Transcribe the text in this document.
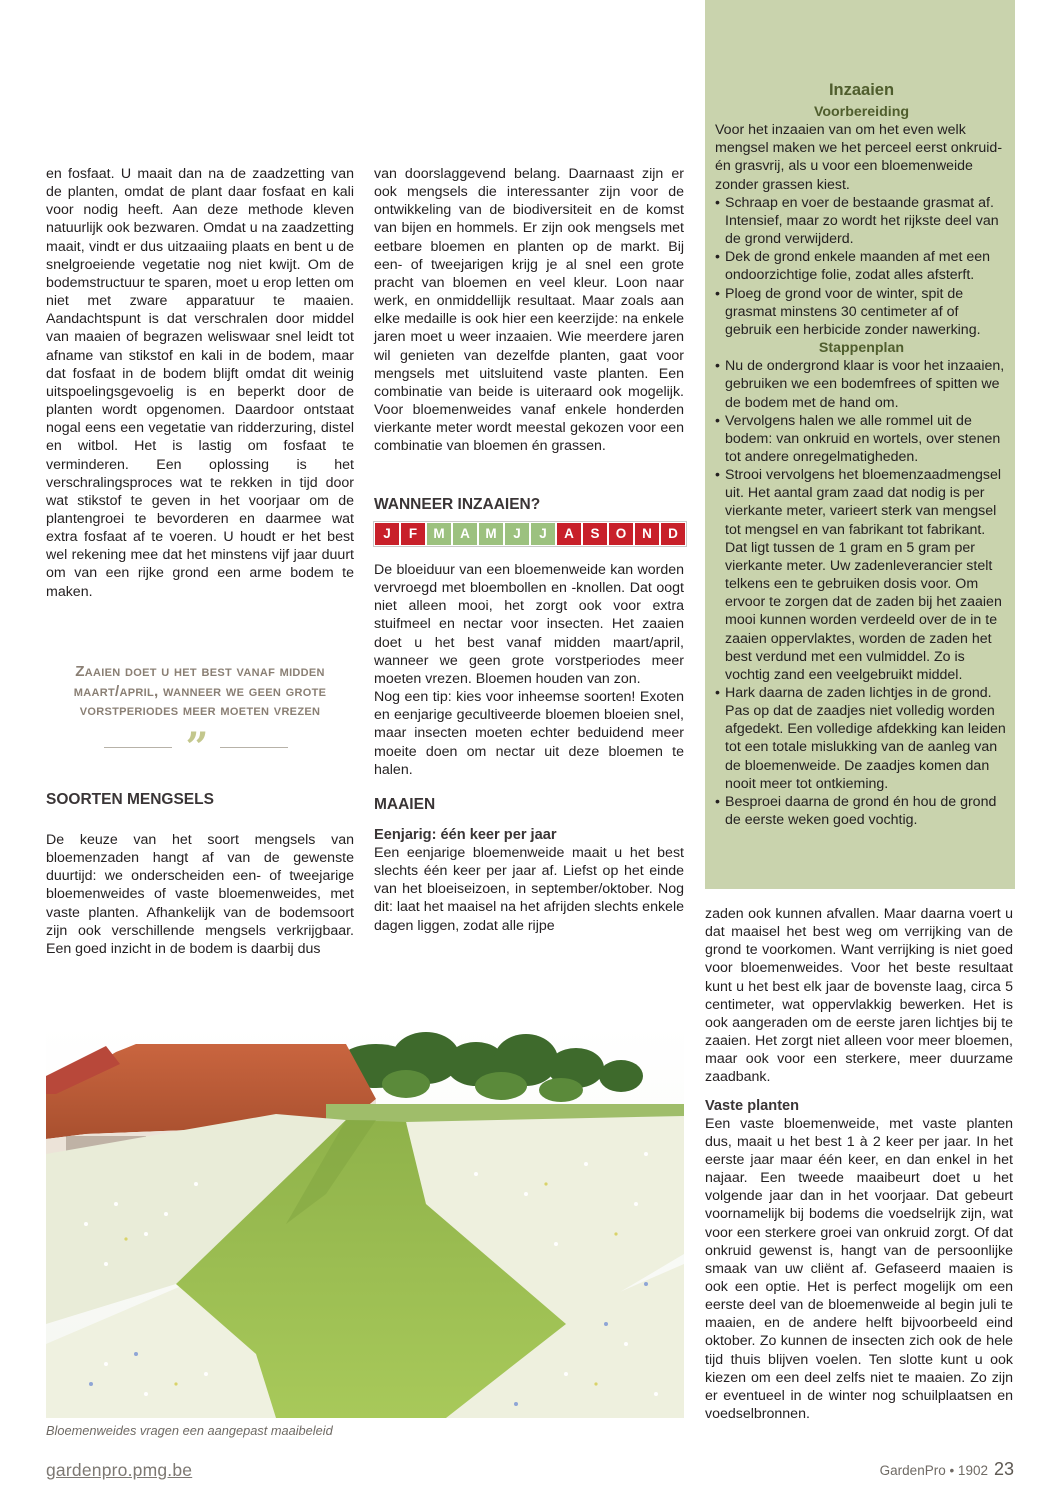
en fosfaat. U maait dan na de zaadzetting van de planten, omdat de plant daar fosfaat en kali voor nodig heeft. Aan deze methode kleven natuurlijk ook bezwaren. Omdat u na zaadzetting maait, vindt er dus uitzaaiing plaats en bent u de snelgroeiende vegetatie nog niet kwijt. Om de bodemstructuur te sparen, moet u erop letten om niet met zware apparatuur te maaien. Aandachtspunt is dat verschralen door middel van maaien of begrazen weliswaar snel leidt tot afname van stikstof en kali in de bodem, maar dat fosfaat in de bodem blijft omdat dit weinig uitspoelingsgevoelig is en beperkt door de planten wordt opgenomen. Daardoor ontstaat nogal eens een vegetatie van ridderzuring, distel en witbol. Het is lastig om fosfaat te verminderen. Een oplossing is het verschralingsproces wat te rekken in tijd door wat stikstof te geven in het voorjaar om de plantengroei te bevorderen en daarmee wat extra fosfaat af te voeren. U houdt er het best wel rekening mee dat het minstens vijf jaar duurt om van een rijke grond een arme bodem te maken.

Zaaien doet u het best vanaf midden maart/april, wanneer we geen grote vorstperiodes meer moeten vrezen
”
SOORTEN MENGSELS

De keuze van het soort mengsels van bloemenzaden hangt af van de gewenste duurtijd: we onderscheiden een- of tweejarige bloemenweides of vaste bloemenweides, met vaste planten. Afhankelijk van de bodemsoort zijn ook verschillende mengsels verkrijgbaar. Een goed inzicht in de bodem is daarbij dus

van doorslaggevend belang. Daarnaast zijn er ook mengsels die interessanter zijn voor de ontwikkeling van de biodiversiteit en de komst van bijen en hommels. Er zijn ook mengsels met eetbare bloemen en planten op de markt. Bij een- of tweejarigen krijg je al snel een grote pracht van bloemen en veel kleur. Loon naar werk, en onmiddellijk resultaat. Maar zoals aan elke medaille is ook hier een keerzijde: na enkele jaren moet u weer inzaaien. Wie meerdere jaren wil genieten van dezelfde planten, gaat voor mengsels met uitsluitend vaste planten. Een combinatie van beide is uiteraard ook mogelijk. Voor bloemenweides vanaf enkele honderden vierkante meter wordt meestal gekozen voor een combinatie van bloemen én grassen.

WANNEER INZAAIEN?
J	F	M	A	M	J	J	A	S	O	N	D

De bloeiduur van een bloemenweide kan worden vervroegd met bloembollen en -knollen. Dat oogt niet alleen mooi, het zorgt ook voor extra stuifmeel en nectar voor insecten. Het zaaien doet u het best vanaf midden maart/april, wanneer we geen grote vorstperiodes meer moeten vrezen. Bloemen houden van zon.

Nog een tip: kies voor inheemse soorten! Exoten en eenjarige gecultiveerde bloemen bloeien snel, maar insecten moeten echter beduidend meer moeite doen om nectar uit deze bloemen te halen.

MAAIEN
Eenjarig: één keer per jaar

Een eenjarige bloemenweide maait u het best slechts één keer per jaar af. Liefst op het einde van het bloeiseizoen, in september/oktober. Nog dit: laat het maaisel na het afrijden slechts enkele dagen liggen, zodat alle rijpe

Inzaaien
Voorbereiding
Voor het inzaaien van om het even welk mengsel maken we het perceel eerst onkruid- én grasvrij, als u voor een bloemenweide zonder grassen kiest.
• Schraap en voer de bestaande grasmat af. Intensief, maar zo wordt het rijkste deel van de grond verwijderd.
• Dek de grond enkele maanden af met een ondoorzichtige folie, zodat alles afsterft.
• Ploeg de grond voor de winter, spit de grasmat minstens 30 centimeter af of gebruik een herbicide zonder nawerking.
Stappenplan
• Nu de ondergrond klaar is voor het inzaaien, gebruiken we een bodemfrees of spitten we de bodem met de hand om.
• Vervolgens halen we alle rommel uit de bodem: van onkruid en wortels, over stenen tot andere onregelmatigheden.
• Strooi vervolgens het bloemenzaadmengsel uit. Het aantal gram zaad dat nodig is per vierkante meter, varieert sterk van mengsel tot mengsel en van fabrikant tot fabrikant. Dat ligt tussen de 1 gram en 5 gram per vierkante meter. Uw zadenleverancier stelt telkens een te gebruiken dosis voor. Om ervoor te zorgen dat de zaden bij het zaaien mooi kunnen worden verdeeld over de in te zaaien oppervlaktes, worden de zaden het best verdund met een vulmiddel. Zo is vochtig zand een veelgebruikt middel.
• Hark daarna de zaden lichtjes in de grond. Pas op dat de zaadjes niet volledig worden afgedekt. Een volledige afdekking kan leiden tot een totale mislukking van de aanleg van de bloemenweide. De zaadjes komen dan nooit meer tot ontkieming.
• Besproei daarna de grond én hou de grond de eerste weken goed vochtig.

zaden ook kunnen afvallen. Maar daarna voert u dat maaisel het best weg om verrijking van de grond te voorkomen. Want verrijking is niet goed voor bloemenweides. Voor het beste resultaat kunt u het best elk jaar de bovenste laag, circa 5 centimeter, wat oppervlakkig bewerken. Het is ook aangeraden om de eerste jaren lichtjes bij te zaaien. Het zorgt niet alleen voor meer bloemen, maar ook voor een sterkere, meer duurzame zaadbank.

Vaste planten

Een vaste bloemenweide, met vaste planten dus, maait u het best 1 à 2 keer per jaar. In het eerste jaar maar één keer, en dan enkel in het najaar. Een tweede maaibeurt doet u het volgende jaar dan in het voorjaar. Dat gebeurt voornamelijk bij bodems die voedselrijk zijn, wat voor een sterkere groei van onkruid zorgt. Of dat onkruid gewenst is, hangt van de persoonlijke smaak van uw cliënt af. Gefaseerd maaien is ook een optie. Het is perfect mogelijk om een eerste deel van de bloemenweide al begin juli te maaien, en de andere helft bijvoorbeeld eind oktober. Zo kunnen de insecten zich ook de hele tijd thuis blijven voelen. Ten slotte kunt u ook kiezen om een deel zelfs niet te maaien. Zo zijn er eventueel in de winter nog schuilplaatsen en voedselbronnen.

Bloemenweides vragen een aangepast maaibeleid
gardenpro.pmg.be	GardenPro • 1902 23
